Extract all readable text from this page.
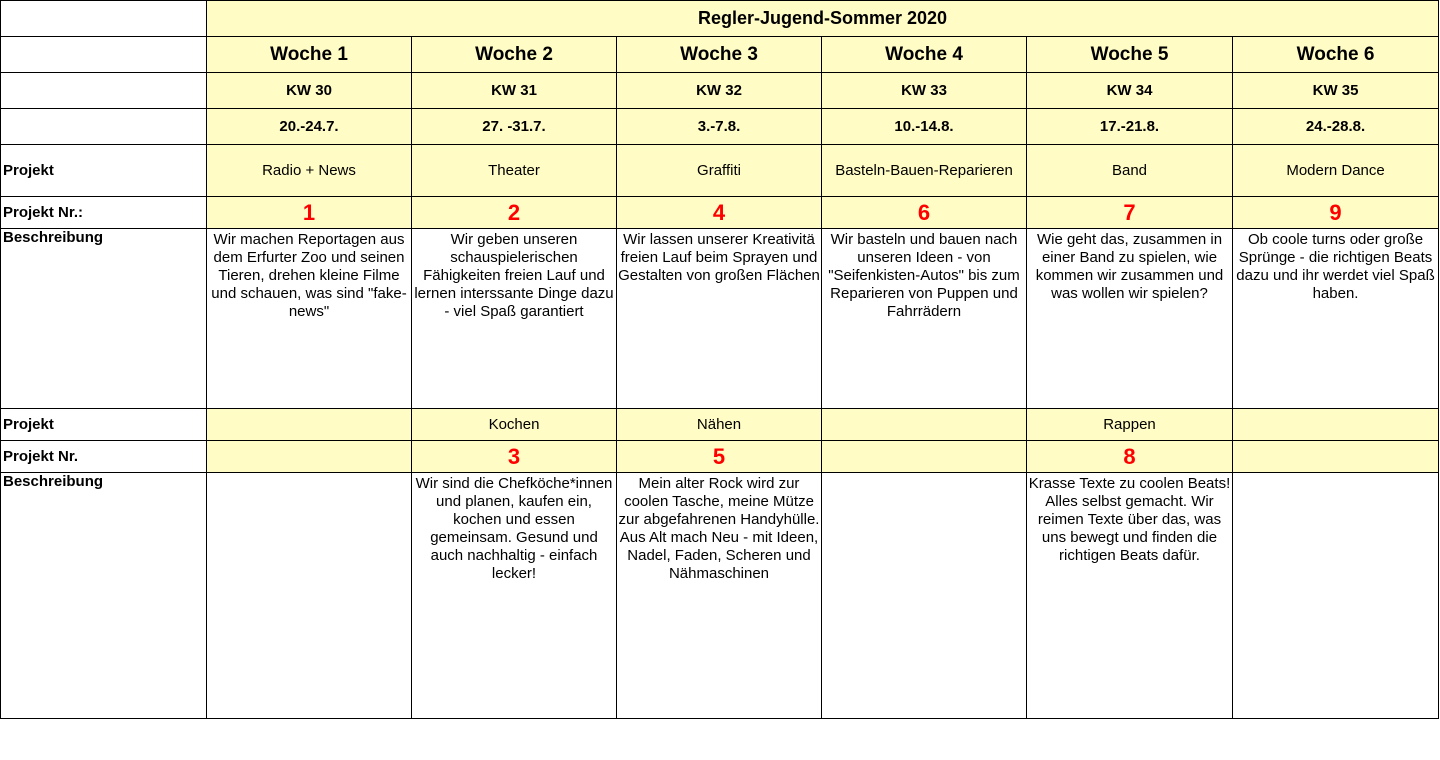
	Regler-Jugend-Sommer 2020					
	Woche 1	Woche 2	Woche 3	Woche 4	Woche 5	Woche 6
	KW 30	KW 31	KW 32	KW 33	KW 34	KW 35
	20.-24.7.	27. -31.7.	3.-7.8.	10.-14.8.	17.-21.8.	24.-28.8.
Projekt	Radio + News	Theater	Graffiti	Basteln-Bauen-Reparieren	Band	Modern Dance
Projekt Nr.:	1	2	4	6	7	9
Beschreibung	Wir machen Reportagen aus dem Erfurter Zoo und seinen Tieren, drehen kleine Filme und schauen, was sind "fake-news"	Wir geben unseren schauspielerischen Fähigkeiten freien Lauf und lernen interssante Dinge dazu - viel Spaß garantiert	Wir lassen unserer Kreativitä freien Lauf beim Sprayen und Gestalten von großen Flächen	Wir basteln und bauen nach unseren Ideen - von "Seifenkisten-Autos" bis zum Reparieren von Puppen und Fahrrädern	Wie geht das, zusammen in einer Band zu spielen, wie kommen wir zusammen und was wollen wir spielen?	Ob coole turns oder große Sprünge - die richtigen Beats dazu und ihr werdet viel Spaß haben.
Projekt		Kochen	Nähen		Rappen	
Projekt Nr.		3	5		8	
Beschreibung		Wir sind die Chefköche*innen und planen, kaufen ein, kochen und essen gemeinsam. Gesund und auch nachhaltig - einfach lecker!	Mein alter Rock wird zur coolen Tasche, meine Mütze zur abgefahrenen Handyhülle. Aus Alt mach Neu - mit Ideen, Nadel, Faden, Scheren und Nähmaschinen		Krasse Texte zu coolen Beats! Alles selbst gemacht. Wir reimen Texte über das, was uns bewegt und finden die richtigen Beats dafür.	
